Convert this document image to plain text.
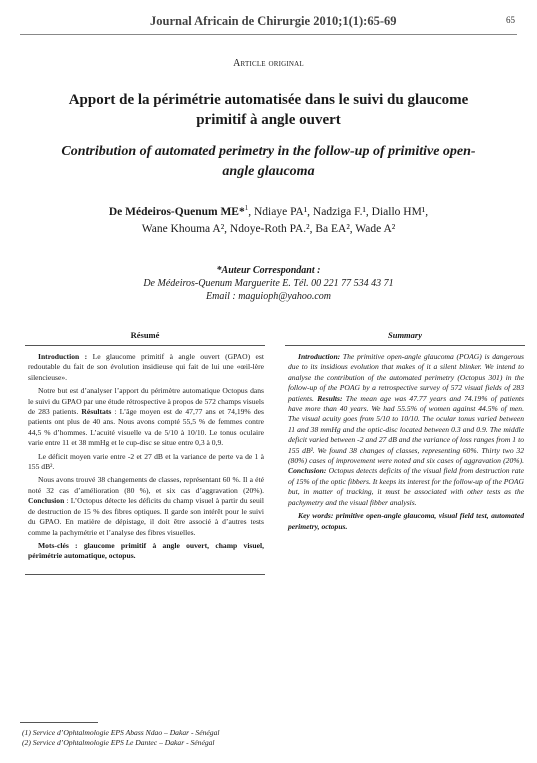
Journal Africain de Chirurgie 2010;1(1):65-69	65
Article original
Apport de la périmétrie automatisée dans le suivi du glaucome primitif à angle ouvert
Contribution of automated perimetry in the follow-up of primitive open-angle glaucoma
De Médeiros-Quenum ME*$^1$, Ndiaye PA¹, Nadziga F.¹, Diallo HM¹,
Wane Khouma A², Ndoye-Roth PA.², Ba EA², Wade A²
*Auteur Correspondant :
De Médeiros-Quenum Marguerite E. Tél. 00 221 77 534 43 71
Email : maguioph@yahoo.com
Résumé	Summary

Introduction : Le glaucome primitif à angle ouvert (GPAO) est redoutable du fait de son évolution insidieuse qui fait de lui une «œil-lère silencieuse».

Notre but est d’analyser l’apport du périmètre automatique Octopus dans le suivi du GPAO par une étude rétrospective à propos de 572 champs visuels de 283 patients. Résultats : L’âge moyen est de 47,77 ans et 74,19% des patients ont plus de 40 ans. Nous avons compté 55,5 % de femmes contre 44,5 % d’hommes. L’acuité visuelle va de 5/10 à 10/10. Le tonus oculaire varie entre 11 et 38 mmHg et le cup-disc se situe entre 0,3 à 0,9.

Le déficit moyen varie entre -2 et 27 dB et la variance de perte va de 1 à 155 dB².

Nous avons trouvé 38 changements de classes, représentant 60 %. Il a été noté 32 cas d’amélioration (80 %), et six cas d’aggravation (20%). Conclusion : L’Octopus détecte les déficits du champ visuel à partir du seuil de destruction de 15 % des fibres optiques. Il garde son intérêt pour le suivi du GPAO. En matière de dépistage, il doit être associé à d’autres tests comme la pachymétrie et l’analyse des fibres visuelles.

Mots-clés : glaucome primitif à angle ouvert, champ visuel, périmétrie automatique, octopus.

Introduction: The primitive open-angle glaucoma (POAG) is dangerous due to its insidious evolution that makes of it a silent blinker. We intend to analyse the contribution of the automated perimetry (Octopus 301) in the follow-up of the POAG by a retrospective survey of 572 visual fields of 283 patients. Results: The mean age was 47.77 years and 74.19% of patients have more than 40 years. We had 55.5% of women against 44.5% of men. The visual acuity goes from 5/10 to 10/10. The ocular tonus varied between 11 and 38 mmHg and the optic-disc located between 0.3 and 0.9. The middle deficit varied between -2 and 27 dB and the variance of loss ranges from 1 to 155 dB². We found 38 changes of classes, representing 60%. Thirty two 32 (80%) cases of improvement were noted and six cases of aggravation (20%). Conclusion: Octopus detects deficits of the visual field from destruction rate of 15% of the optic fibbers. It keeps its interest for the follow-up of the POAG but, in matter of tracking, it must be associated with other tests as the pachymetry and the visual fibber analysis.

Key words: primitive open-angle glaucoma, visual field test, automated perimetry, octopus.

(1) Service d’Ophtalmologie EPS Abass Ndao – Dakar - Sénégal
(2) Service d’Ophtalmologie EPS Le Dantec – Dakar - Sénégal
